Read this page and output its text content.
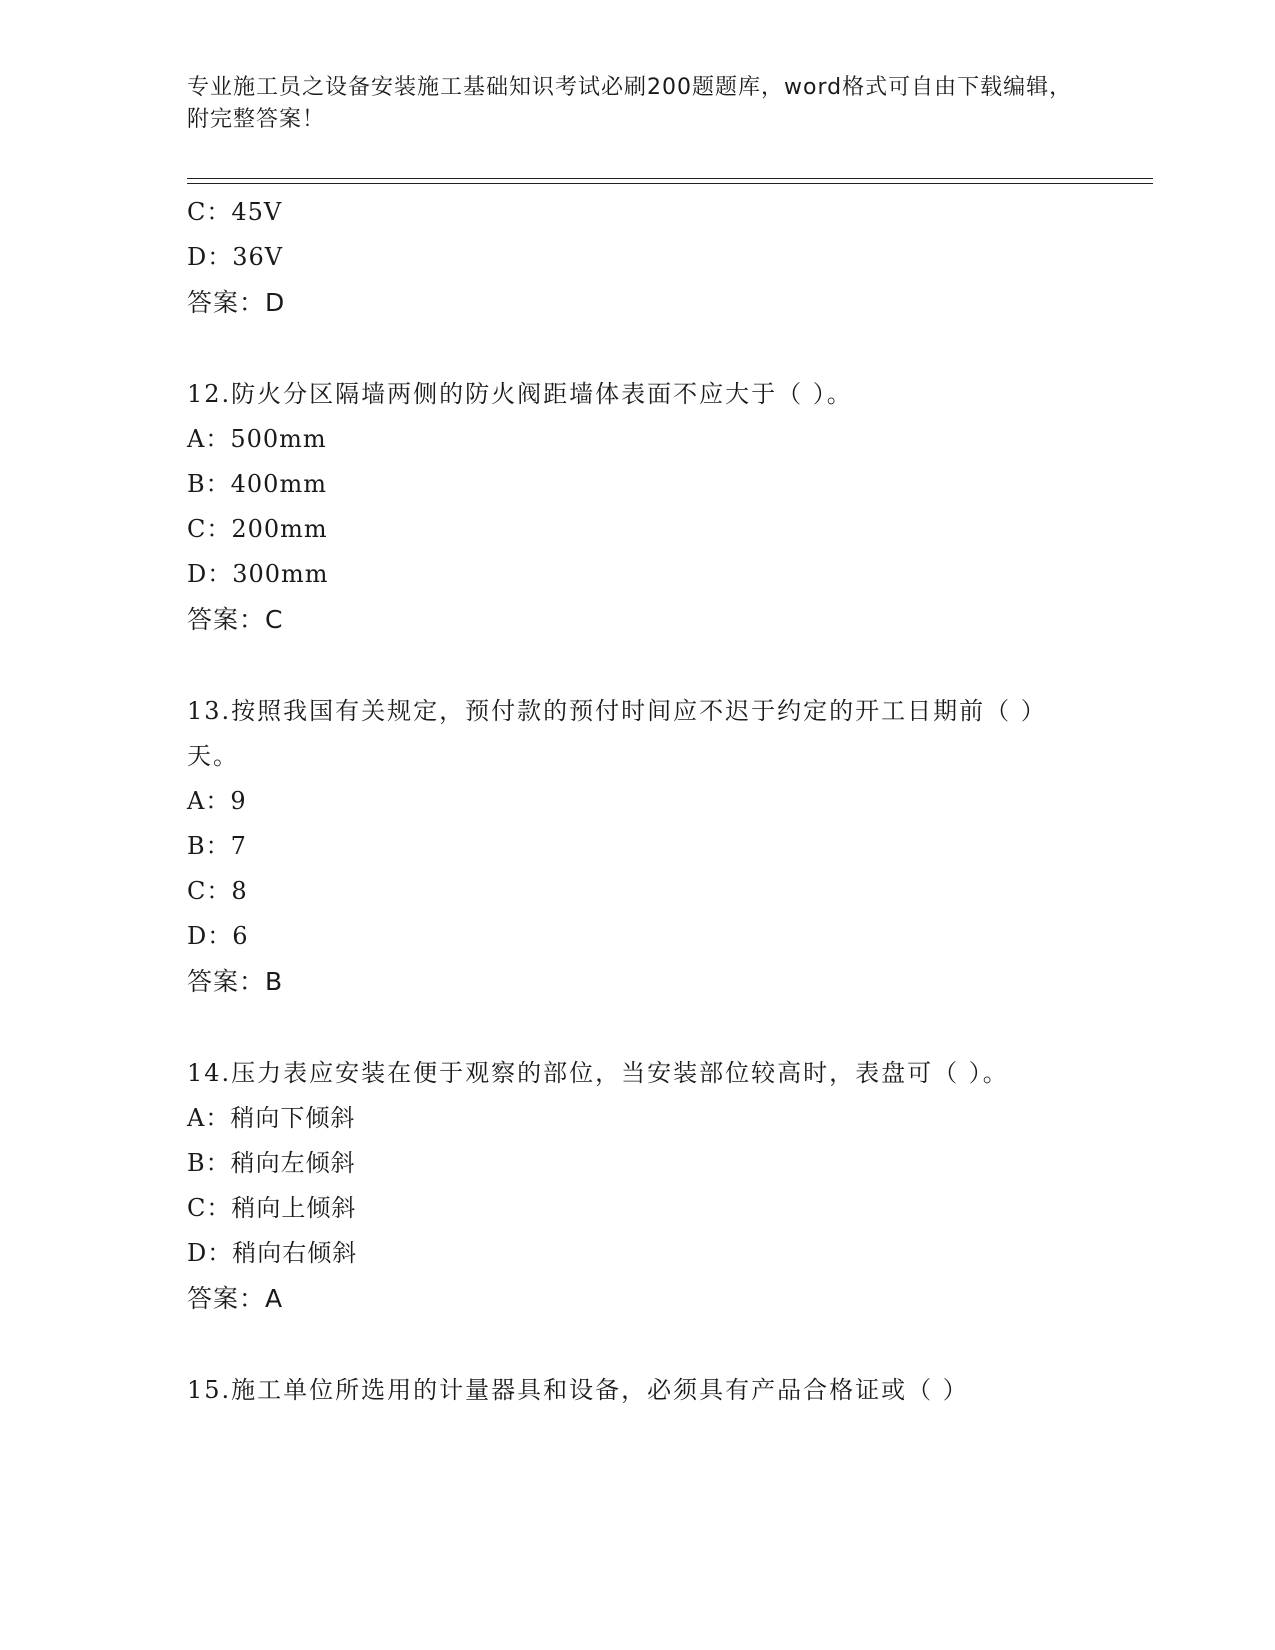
专业施工员之设备安装施工基础知识考试必刷200题题库，word格式可自由下载编辑，附完整答案！
C：45V
D：36V
答案：D
12.防火分区隔墙两侧的防火阀距墙体表面不应大于（ ）。
A：500mm
B：400mm
C：200mm
D：300mm
答案：C
13.按照我国有关规定，预付款的预付时间应不迟于约定的开工日期前（ ）天。
A：9
B：7
C：8
D：6
答案：B
14.压力表应安装在便于观察的部位，当安装部位较高时，表盘可（ ）。
A：稍向下倾斜
B：稍向左倾斜
C：稍向上倾斜
D：稍向右倾斜
答案：A
15.施工单位所选用的计量器具和设备，必须具有产品合格证或（ ）
